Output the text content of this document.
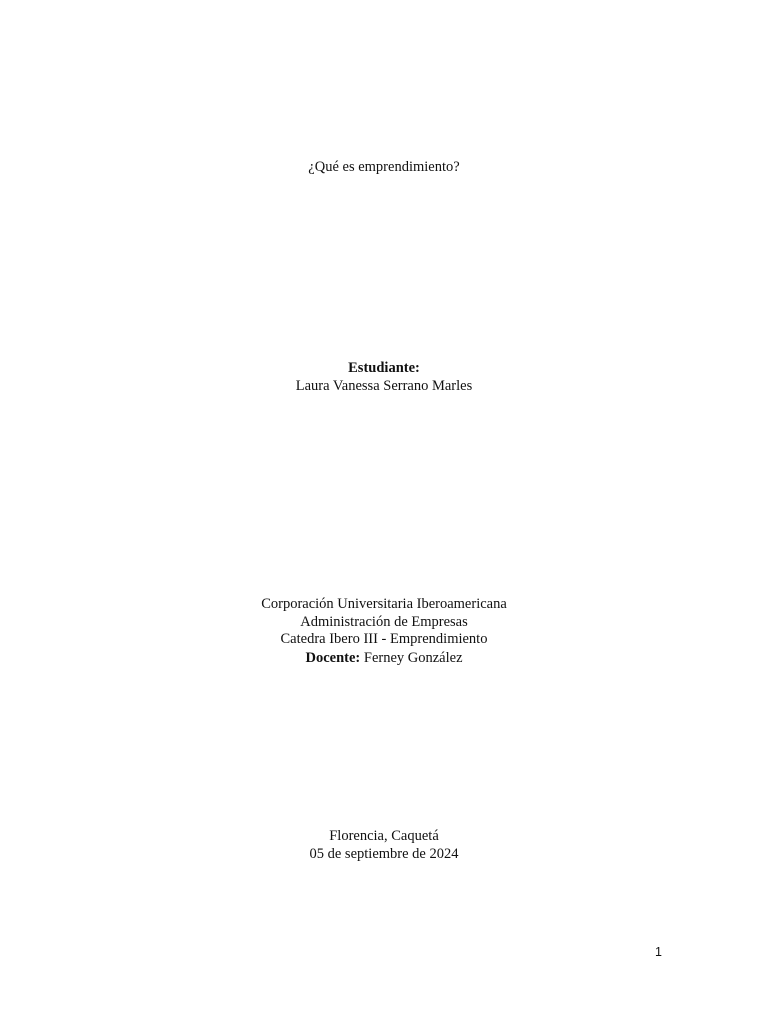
¿Qué es emprendimiento?
Estudiante:
Laura Vanessa Serrano Marles
Corporación Universitaria Iberoamericana
Administración de Empresas
Catedra Ibero III - Emprendimiento
Docente: Ferney González
Florencia, Caquetá
05 de septiembre de 2024
1
